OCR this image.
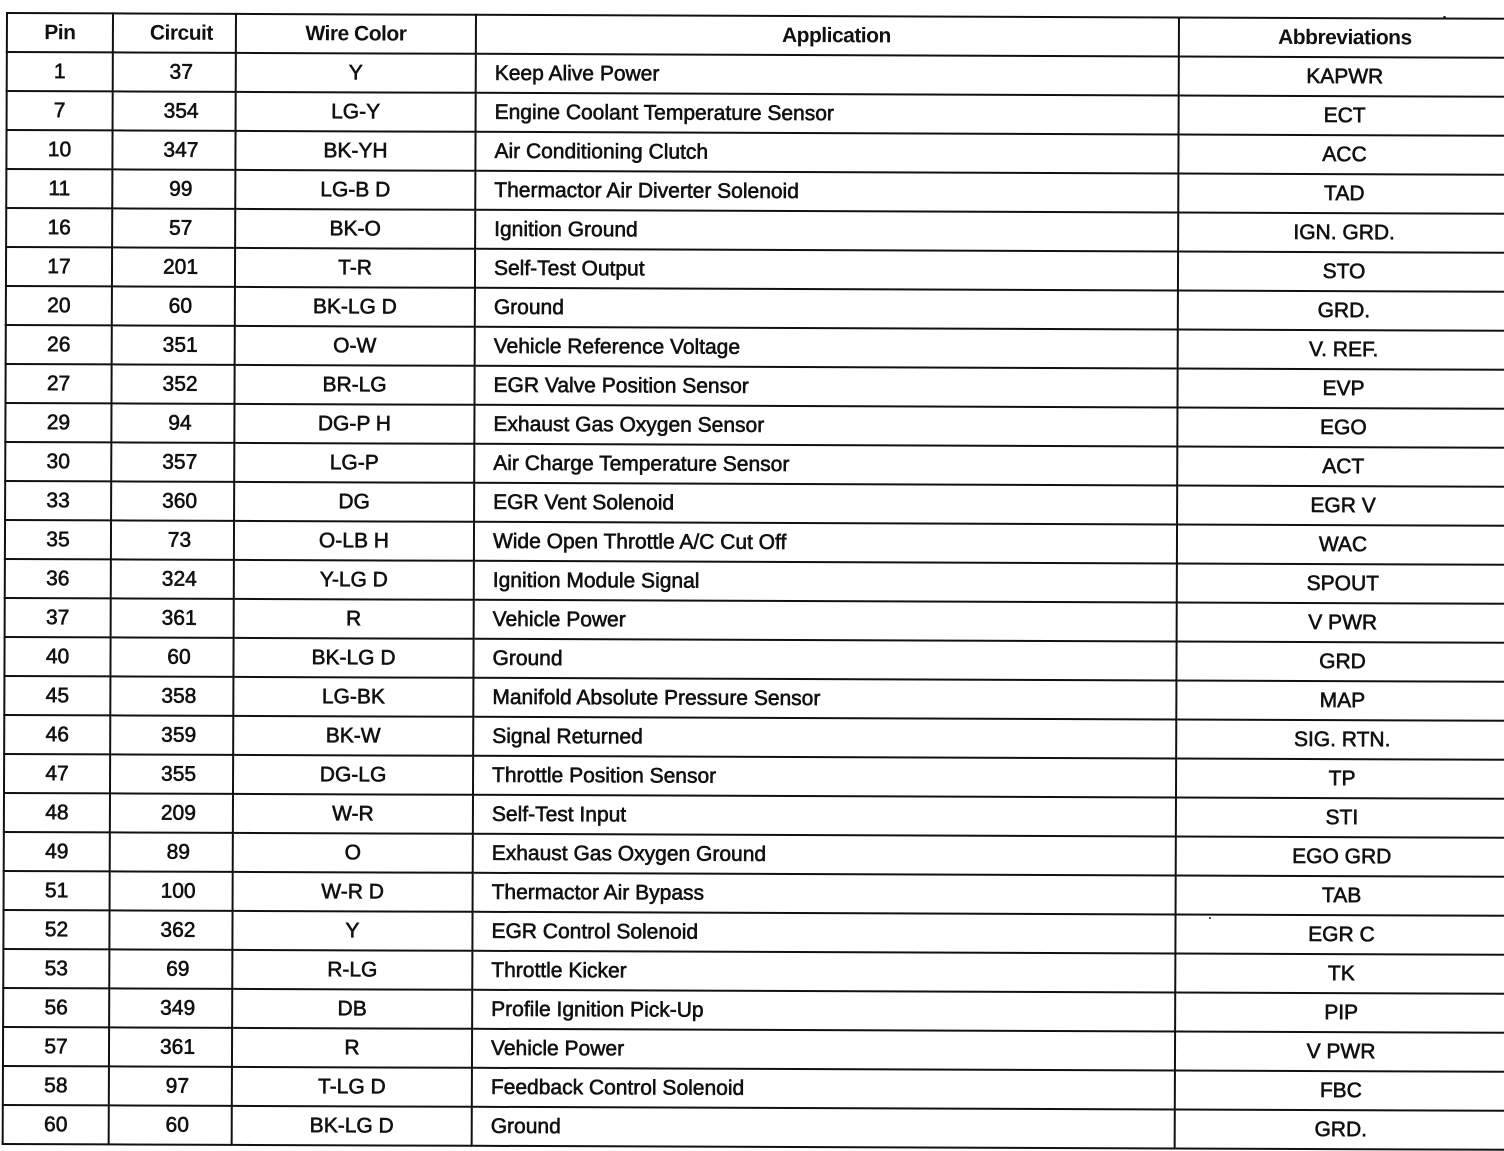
Pin	Circuit	Wire Color	Application	Abbreviations
1	37	Y	Keep Alive Power	KAPWR
7	354	LG-Y	Engine Coolant Temperature Sensor	ECT
10	347	BK-YH	Air Conditioning Clutch	ACC
11	99	LG-B D	Thermactor Air Diverter Solenoid	TAD
16	57	BK-O	Ignition Ground	IGN. GRD.
17	201	T-R	Self-Test Output	STO
20	60	BK-LG D	Ground	GRD.
26	351	O-W	Vehicle Reference Voltage	V. REF.
27	352	BR-LG	EGR Valve Position Sensor	EVP
29	94	DG-P H	Exhaust Gas Oxygen Sensor	EGO
30	357	LG-P	Air Charge Temperature Sensor	ACT
33	360	DG	EGR Vent Solenoid	EGR V
35	73	O-LB H	Wide Open Throttle A/C Cut Off	WAC
36	324	Y-LG D	Ignition Module Signal	SPOUT
37	361	R	Vehicle Power	V PWR
40	60	BK-LG D	Ground	GRD
45	358	LG-BK	Manifold Absolute Pressure Sensor	MAP
46	359	BK-W	Signal Returned	SIG. RTN.
47	355	DG-LG	Throttle Position Sensor	TP
48	209	W-R	Self-Test Input	STI
49	89	O	Exhaust Gas Oxygen Ground	EGO GRD
51	100	W-R D	Thermactor Air Bypass	TAB
52	362	Y	EGR Control Solenoid	EGR C
53	69	R-LG	Throttle Kicker	TK
56	349	DB	Profile Ignition Pick-Up	PIP
57	361	R	Vehicle Power	V PWR
58	97	T-LG D	Feedback Control Solenoid	FBC
60	60	BK-LG D	Ground	GRD.
